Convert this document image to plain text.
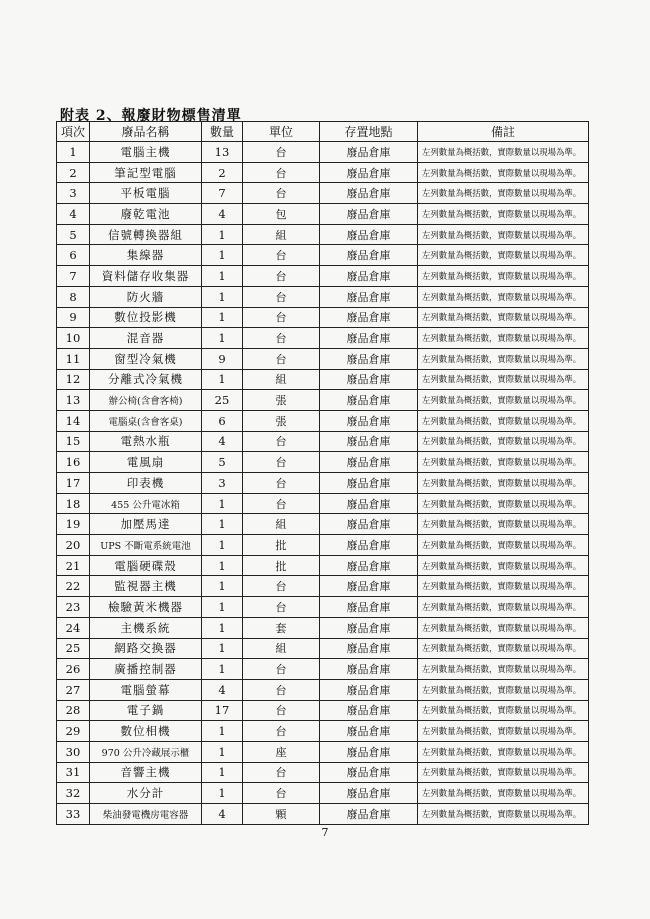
附表 2、報廢財物標售清單
項次	廢品名稱	數量	單位	存置地點	備註
1	電腦主機	13	台	廢品倉庫	左列數量為概括數，實際數量以現場為準。
2	筆記型電腦	2	台	廢品倉庫	左列數量為概括數，實際數量以現場為準。
3	平板電腦	7	台	廢品倉庫	左列數量為概括數，實際數量以現場為準。
4	廢乾電池	4	包	廢品倉庫	左列數量為概括數，實際數量以現場為準。
5	信號轉換器組	1	組	廢品倉庫	左列數量為概括數，實際數量以現場為準。
6	集線器	1	台	廢品倉庫	左列數量為概括數，實際數量以現場為準。
7	資料儲存收集器	1	台	廢品倉庫	左列數量為概括數，實際數量以現場為準。
8	防火牆	1	台	廢品倉庫	左列數量為概括數，實際數量以現場為準。
9	數位投影機	1	台	廢品倉庫	左列數量為概括數，實際數量以現場為準。
10	混音器	1	台	廢品倉庫	左列數量為概括數，實際數量以現場為準。
11	窗型冷氣機	9	台	廢品倉庫	左列數量為概括數，實際數量以現場為準。
12	分離式冷氣機	1	組	廢品倉庫	左列數量為概括數，實際數量以現場為準。
13	辦公椅(含會客椅)	25	張	廢品倉庫	左列數量為概括數，實際數量以現場為準。
14	電腦桌(含會客桌)	6	張	廢品倉庫	左列數量為概括數，實際數量以現場為準。
15	電熱水瓶	4	台	廢品倉庫	左列數量為概括數，實際數量以現場為準。
16	電風扇	5	台	廢品倉庫	左列數量為概括數，實際數量以現場為準。
17	印表機	3	台	廢品倉庫	左列數量為概括數，實際數量以現場為準。
18	455 公升電冰箱	1	台	廢品倉庫	左列數量為概括數，實際數量以現場為準。
19	加壓馬達	1	組	廢品倉庫	左列數量為概括數，實際數量以現場為準。
20	UPS 不斷電系統電池	1	批	廢品倉庫	左列數量為概括數，實際數量以現場為準。
21	電腦硬碟殼	1	批	廢品倉庫	左列數量為概括數，實際數量以現場為準。
22	監視器主機	1	台	廢品倉庫	左列數量為概括數，實際數量以現場為準。
23	檢驗黃米機器	1	台	廢品倉庫	左列數量為概括數，實際數量以現場為準。
24	主機系統	1	套	廢品倉庫	左列數量為概括數，實際數量以現場為準。
25	網路交換器	1	組	廢品倉庫	左列數量為概括數，實際數量以現場為準。
26	廣播控制器	1	台	廢品倉庫	左列數量為概括數，實際數量以現場為準。
27	電腦螢幕	4	台	廢品倉庫	左列數量為概括數，實際數量以現場為準。
28	電子鍋	17	台	廢品倉庫	左列數量為概括數，實際數量以現場為準。
29	數位相機	1	台	廢品倉庫	左列數量為概括數，實際數量以現場為準。
30	970 公升冷藏展示櫃	1	座	廢品倉庫	左列數量為概括數，實際數量以現場為準。
31	音響主機	1	台	廢品倉庫	左列數量為概括數，實際數量以現場為準。
32	水分計	1	台	廢品倉庫	左列數量為概括數，實際數量以現場為準。
33	柴油發電機房電容器	4	顆	廢品倉庫	左列數量為概括數，實際數量以現場為準。
7
